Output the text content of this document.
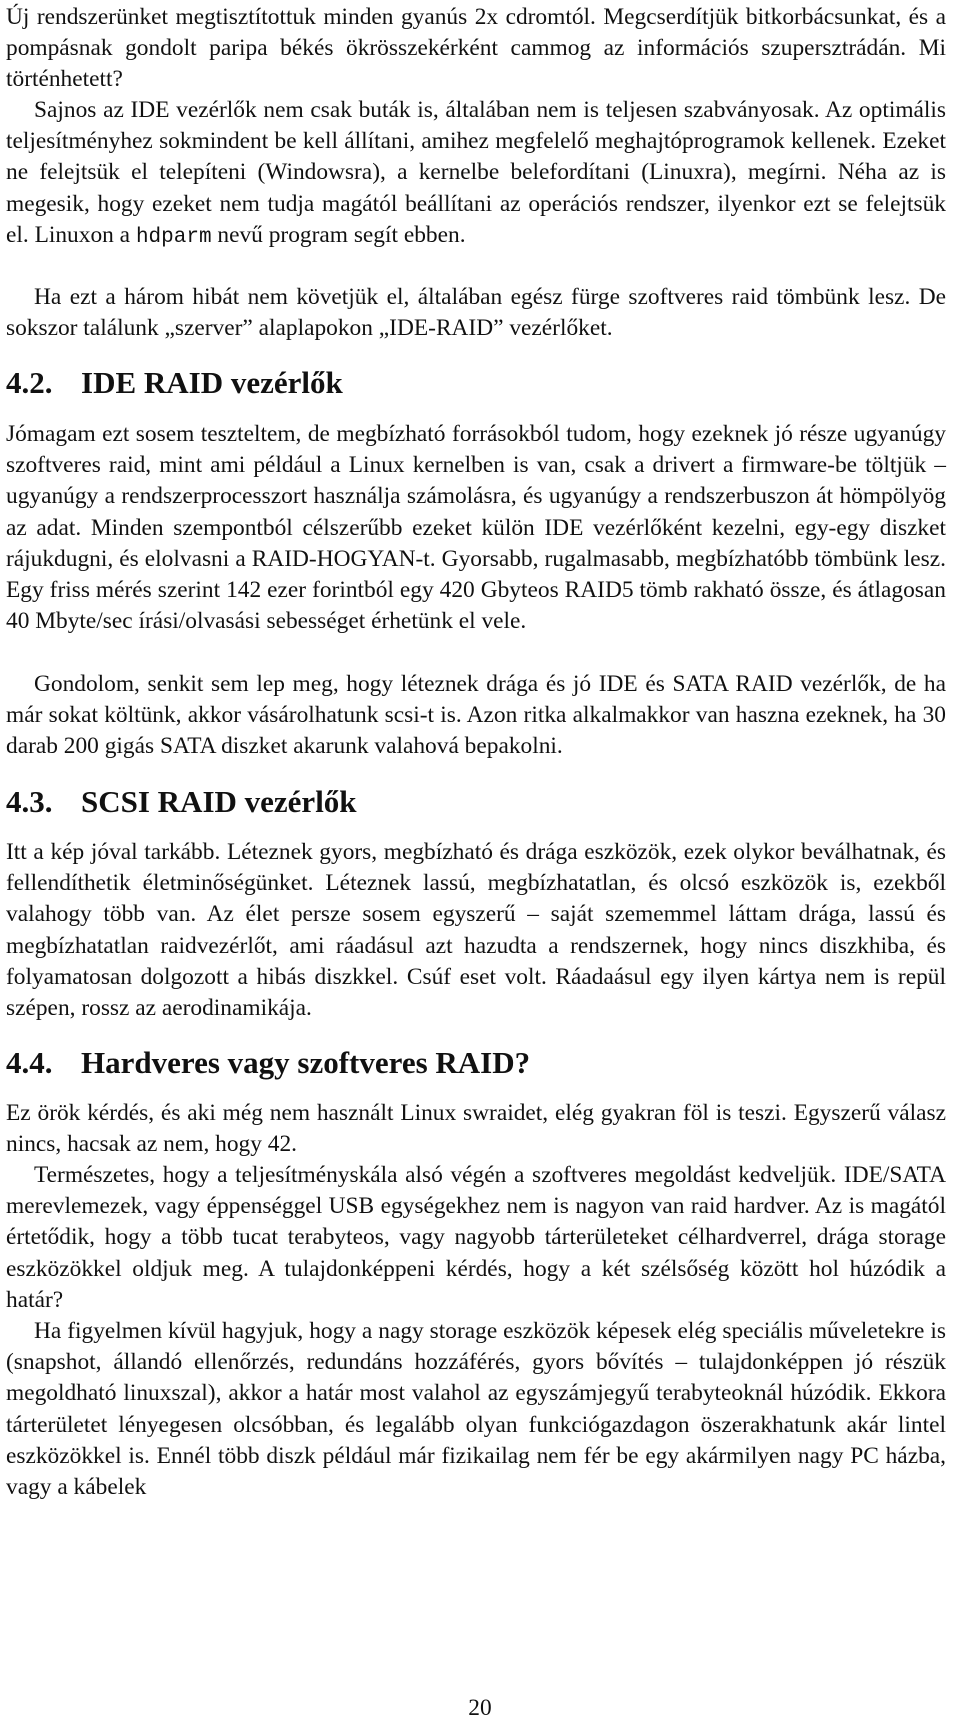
Új rendszerünket megtisztítottuk minden gyanús 2x cdromtól. Megcserdítjük bitkorbácsunkat, és a pompásnak gondolt paripa békés ökrösszekérként cammog az információs szupersztrádán. Mi történhetett?
Sajnos az IDE vezérlők nem csak buták is, általában nem is teljesen szabványosak. Az optimális teljesítményhez sokmindent be kell állítani, amihez megfelelő meghajtóprogramok kellenek. Ezeket ne felejtsük el telepíteni (Windowsra), a kernelbe belefordítani (Linuxra), megírni. Néha az is megesik, hogy ezeket nem tudja magától beállítani az operációs rendszer, ilyenkor ezt se felejtsük el. Linuxon a hdparm nevű program segít ebben.
Ha ezt a három hibát nem követjük el, általában egész fürge szoftveres raid tömbünk lesz. De sokszor találunk „szerver” alaplapokon „IDE-RAID” vezérlőket.
4.2. IDE RAID vezérlők
Jómagam ezt sosem teszteltem, de megbízható forrásokból tudom, hogy ezeknek jó része ugyanúgy szoftveres raid, mint ami például a Linux kernelben is van, csak a drivert a firmware-be töltjük – ugyanúgy a rendszerprocesszort használja számolásra, és ugyanúgy a rendszerbuszon át hömpölyög az adat. Minden szempontból célszerűbb ezeket külön IDE vezérlőként kezelni, egy-egy diszket rájukdugni, és elolvasni a RAID-HOGYAN-t. Gyorsabb, rugalmasabb, megbízhatóbb tömbünk lesz. Egy friss mérés szerint 142 ezer forintból egy 420 Gbyteos RAID5 tömb rakható össze, és átlagosan 40 Mbyte/sec írási/olvasási sebességet érhetünk el vele.
Gondolom, senkit sem lep meg, hogy léteznek drága és jó IDE és SATA RAID vezérlők, de ha már sokat költünk, akkor vásárolhatunk scsi-t is. Azon ritka alkalmakkor van haszna ezeknek, ha 30 darab 200 gigás SATA diszket akarunk valahová bepakolni.
4.3. SCSI RAID vezérlők
Itt a kép jóval tarkább. Léteznek gyors, megbízható és drága eszközök, ezek olykor beválhatnak, és fellendíthetik életminőségünket. Léteznek lassú, megbízhatatlan, és olcsó eszközök is, ezekből valahogy több van. Az élet persze sosem egyszerű – saját szememmel láttam drága, lassú és megbízhatatlan raidvezérlőt, ami ráadásul azt hazudta a rendszernek, hogy nincs diszkhiba, és folyamatosan dolgozott a hibás diszkkel. Csúf eset volt. Ráadaásul egy ilyen kártya nem is repül szépen, rossz az aerodinamikája.
4.4. Hardveres vagy szoftveres RAID?
Ez örök kérdés, és aki még nem használt Linux swraidet, elég gyakran föl is teszi. Egyszerű válasz nincs, hacsak az nem, hogy 42.
Természetes, hogy a teljesítményskála alsó végén a szoftveres megoldást kedveljük. IDE/SATA merevlemezek, vagy éppenséggel USB egységekhez nem is nagyon van raid hardver. Az is magától értetődik, hogy a több tucat terabyteos, vagy nagyobb tárterületeket célhardverrel, drága storage eszközökkel oldjuk meg. A tulajdonképpeni kérdés, hogy a két szélsőség között hol húzódik a határ?
Ha figyelmen kívül hagyjuk, hogy a nagy storage eszközök képesek elég speciális műveletekre is (snapshot, állandó ellenőrzés, redundáns hozzáférés, gyors bővítés – tulajdonképpen jó részük megoldható linuxszal), akkor a határ most valahol az egyszámjegyű terabyteoknál húzódik. Ekkora tárterületet lényegesen olcsóbban, és legalább olyan funkciógazdagon öszerakhatunk akár lintel eszközökkel is. Ennél több diszk például már fizikailag nem fér be egy akármilyen nagy PC házba, vagy a kábelek
20
